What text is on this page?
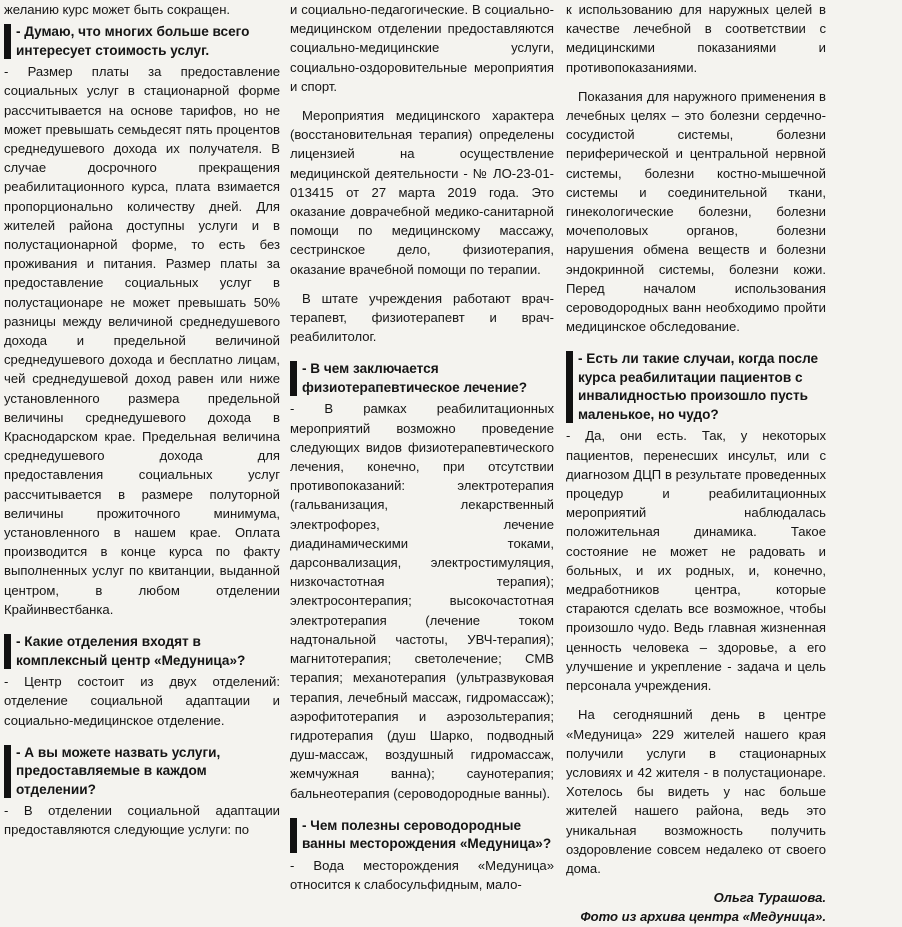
желанию курс может быть сокращен.

- Думаю, что многих больше всего интересует стоимость услуг.

- Размер платы за предоставление социальных услуг в стационарной форме рассчитывается на основе тарифов, но не может превышать семьдесят пять процентов среднедушевого дохода их получателя. В случае досрочного прекращения реабилитационного курса, плата взимается пропорционально количеству дней. Для жителей района доступны услуги и в полустационарной форме, то есть без проживания и питания. Размер платы за предоставление социальных услуг в полустационаре не может превышать 50% разницы между величиной среднедушевого дохода и предельной величиной среднедушевого дохода и бесплатно лицам, чей среднедушевой доход равен или ниже установленного размера предельной величины среднедушевого дохода в Краснодарском крае. Предельная величина среднедушевого дохода для предоставления социальных услуг рассчитывается в размере полуторной величины прожиточного минимума, установленного в нашем крае. Оплата производится в конце курса по факту выполненных услуг по квитанции, выданной центром, в любом отделении Крайинвестбанка.

- Какие отделения входят в комплексный центр «Медуница»?

- Центр состоит из двух отделений: отделение социальной адаптации и социально-медицинское отделение.

- А вы можете назвать услуги, предоставляемые в каждом отделении?

- В отделении социальной адаптации предоставляются следующие услуги: по

и социально-педагогические. В социально-медицинском отделении предоставляются социально-медицинские услуги, социально-оздоровительные мероприятия и спорт.

Мероприятия медицинского характера (восстановительная терапия) определены лицензией на осуществление медицинской деятельности - № ЛО-23-01-013415 от 27 марта 2019 года. Это оказание доврачебной медико-санитарной помощи по медицинскому массажу, сестринское дело, физиотерапия, оказание врачебной помощи по терапии.

В штате учреждения работают врач-терапевт, физиотерапевт и врач-реабилитолог.

- В чем заключается физиотерапевтическое лечение?

- В рамках реабилитационных мероприятий возможно проведение следующих видов физиотерапевтического лечения, конечно, при отсутствии противопоказаний: электротерапия (гальванизация, лекарственный электрофорез, лечение диадинамическими токами, дарсонвализация, электростимуляция, низкочастотная терапия); электросонтерапия; высокочастотная электротерапия (лечение током надтональной частоты, УВЧ-терапия); магнитотерапия; светолечение; СМВ терапия; механотерапия (ультразвуковая терапия, лечебный массаж, гидромассаж); аэрофитотерапия и аэрозольтерапия; гидротерапия (душ Шарко, подводный душ-массаж, воздушный гидромассаж, жемчужная ванна); саунотерапия; бальнеотерапия (сероводородные ванны).

- Чем полезны сероводородные ванны месторождения «Медуница»?

- Вода месторождения «Медуница» относится к слабосульфидным, мало-

к использованию для наружных целей в качестве лечебной в соответствии с медицинскими показаниями и противопоказаниями.

Показания для наружного применения в лечебных целях – это болезни сердечно-сосудистой системы, болезни периферической и центральной нервной системы, болезни костно-мышечной системы и соединительной ткани, гинекологические болезни, болезни мочеполовых органов, болезни нарушения обмена веществ и болезни эндокринной системы, болезни кожи. Перед началом использования сероводородных ванн необходимо пройти медицинское обследование.

- Есть ли такие случаи, когда после курса реабилитации пациентов с инвалидностью произошло пусть маленькое, но чудо?

- Да, они есть. Так, у некоторых пациентов, перенесших инсульт, или с диагнозом ДЦП в результате проведенных процедур и реабилитационных мероприятий наблюдалась положительная динамика. Такое состояние не может не радовать и больных, и их родных, и, конечно, медработников центра, которые стараются сделать все возможное, чтобы произошло чудо. Ведь главная жизненная ценность человека – здоровье, а его улучшение и укрепление - задача и цель персонала учреждения.

На сегодняшний день в центре «Медуница» 229 жителей нашего края получили услуги в стационарных условиях и 42 жителя - в полустационаре. Хотелось бы видеть у нас больше жителей нашего района, ведь это уникальная возможность получить оздоровление совсем недалеко от своего дома.

Ольга Турашова.

Фото из архива центра «Медуница».
